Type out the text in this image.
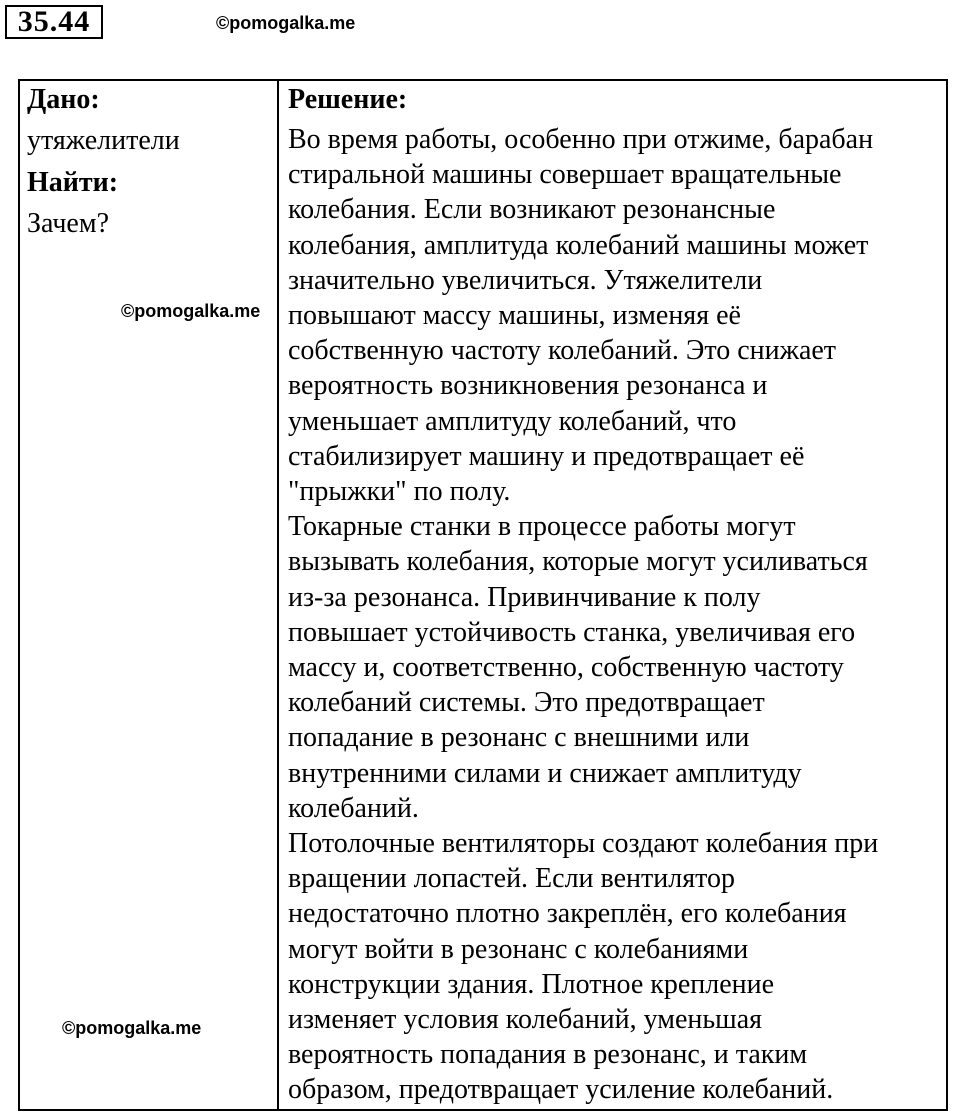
35.44	©pomogalka.me

Дано:

утяжелители

Найти:

Зачем?

Решение:

Во время работы, особенно при отжиме, барабан
стиральной машины совершает вращательные
колебания. Если возникают резонансные
колебания, амплитуда колебаний машины может
значительно увеличиться. Утяжелители
повышают массу машины, изменяя её
собственную частоту колебаний. Это снижает
вероятность возникновения резонанса и
уменьшает амплитуду колебаний, что
стабилизирует машину и предотвращает её
"прыжки" по полу.
Токарные станки в процессе работы могут
вызывать колебания, которые могут усиливаться
из-за резонанса. Привинчивание к полу
повышает устойчивость станка, увеличивая его
массу и, соответственно, собственную частоту
колебаний системы. Это предотвращает
попадание в резонанс с внешними или
внутренними силами и снижает амплитуду
колебаний.
Потолочные вентиляторы создают колебания при
вращении лопастей. Если вентилятор
недостаточно плотно закреплён, его колебания
могут войти в резонанс с колебаниями
конструкции здания. Плотное крепление
изменяет условия колебаний, уменьшая
вероятность попадания в резонанс, и таким
образом, предотвращает усиление колебаний.
©pomogalka.me
©pomogalka.me
